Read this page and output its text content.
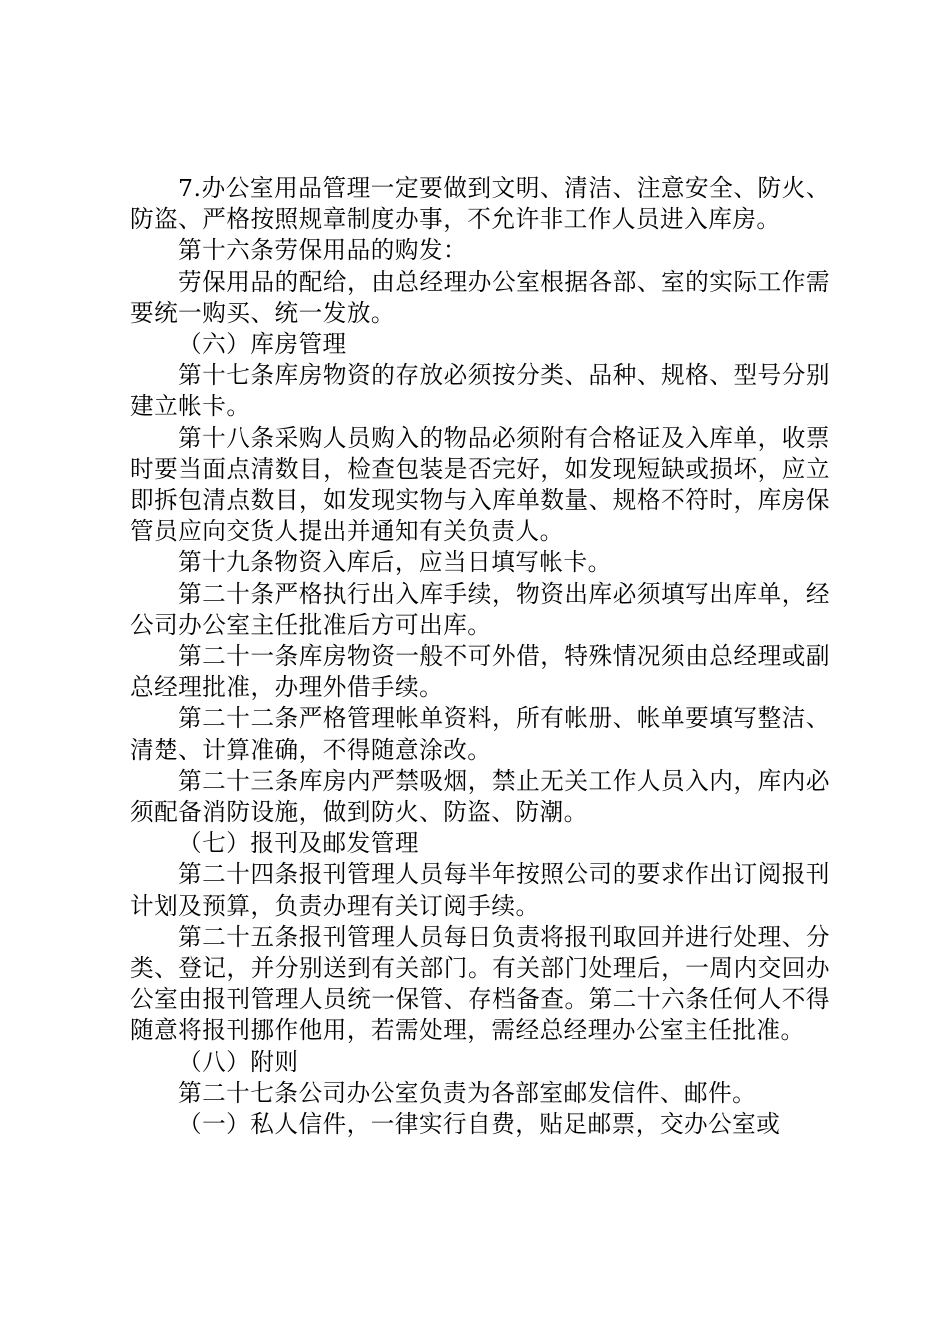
7.办公室用品管理一定要做到文明、清洁、注意安全、防火、防盗、严格按照规章制度办事，不允许非工作人员进入库房。

第十六条劳保用品的购发：

劳保用品的配给，由总经理办公室根据各部、室的实际工作需要统一购买、统一发放。

（六）库房管理

第十七条库房物资的存放必须按分类、品种、规格、型号分别建立帐卡。

第十八条采购人员购入的物品必须附有合格证及入库单，收票时要当面点清数目，检查包装是否完好，如发现短缺或损坏，应立即拆包清点数目，如发现实物与入库单数量、规格不符时，库房保管员应向交货人提出并通知有关负责人。

第十九条物资入库后，应当日填写帐卡。

第二十条严格执行出入库手续，物资出库必须填写出库单，经公司办公室主任批准后方可出库。

第二十一条库房物资一般不可外借，特殊情况须由总经理或副总经理批准，办理外借手续。

第二十二条严格管理帐单资料，所有帐册、帐单要填写整洁、清楚、计算准确，不得随意涂改。

第二十三条库房内严禁吸烟，禁止无关工作人员入内，库内必须配备消防设施，做到防火、防盗、防潮。

（七）报刊及邮发管理

第二十四条报刊管理人员每半年按照公司的要求作出订阅报刊计划及预算，负责办理有关订阅手续。

第二十五条报刊管理人员每日负责将报刊取回并进行处理、分类、登记，并分别送到有关部门。有关部门处理后，一周内交回办公室由报刊管理人员统一保管、存档备查。第二十六条任何人不得随意将报刊挪作他用，若需处理，需经总经理办公室主任批准。

（八）附则

第二十七条公司办公室负责为各部室邮发信件、邮件。

（一）私人信件，一律实行自费，贴足邮票，交办公室或
